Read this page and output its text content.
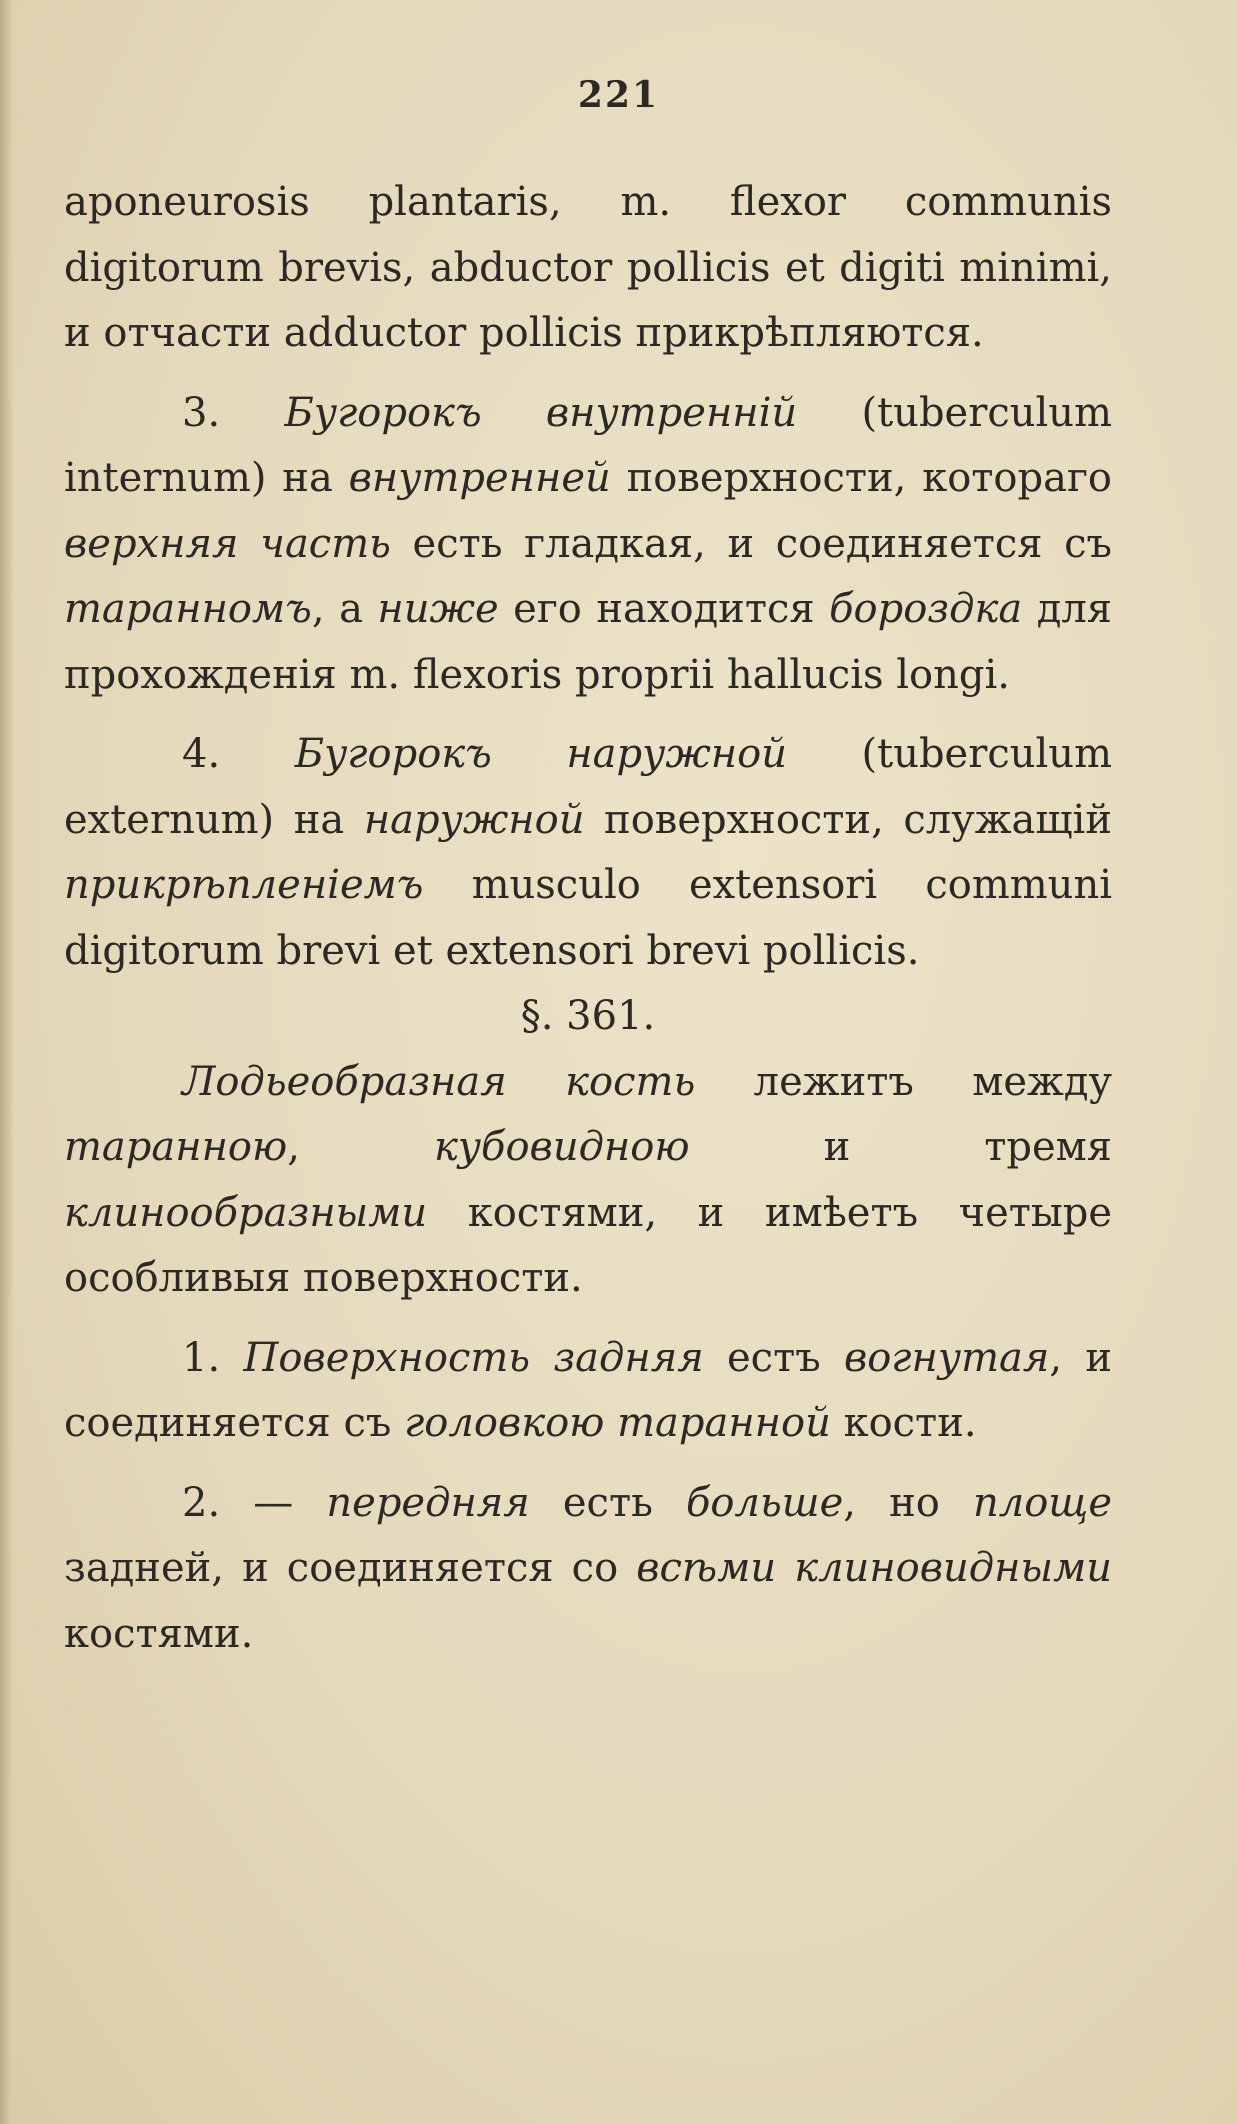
221

aponeurosis plantaris, m. flexor communis digitorum brevis, abductor pollicis et digiti minimi, и отчасти adductor pollicis прикрѣпляются.

3. Бугорокъ внутренній (tuberculum internum) на внутренней поверхности, котораго верхняя часть есть гладкая, и соединяется съ таранномъ, а ниже его находится бороздка для прохожденія m. flexoris proprii hallucis longi.

4. Бугорокъ наружной (tuberculum externum) на наружной поверхности, служащій прикрѣпленіемъ musculo extensori communi digitorum brevi et extensori brevi pollicis.

§. 361.

Лодьеобразная кость лежитъ между таранною, кубовидною и тремя клинообразными костями, и имѣетъ четыре особливыя поверхности.

1. Поверхность задняя естъ вогнутая, и соединяется съ головкою таранной кости.

2. — передняя есть больше, но площе задней, и соединяется со всѣми клиновидными костями.
